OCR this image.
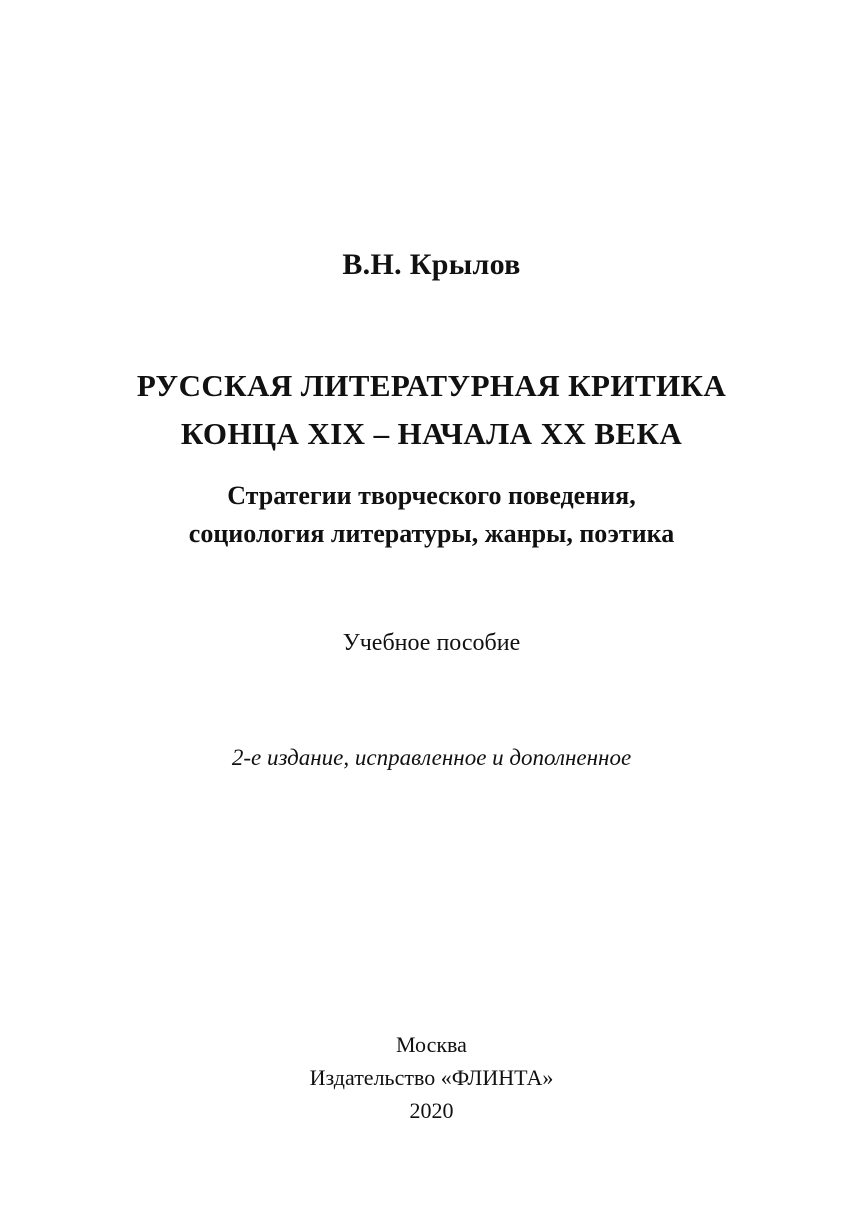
В.Н. Крылов
РУССКАЯ ЛИТЕРАТУРНАЯ КРИТИКА
КОНЦА XIX – НАЧАЛА XX ВЕКА
Стратегии творческого поведения,
социология литературы, жанры, поэтика
Учебное пособие
2-е издание, исправленное и дополненное
Москва
Издательство «ФЛИНТА»
2020
